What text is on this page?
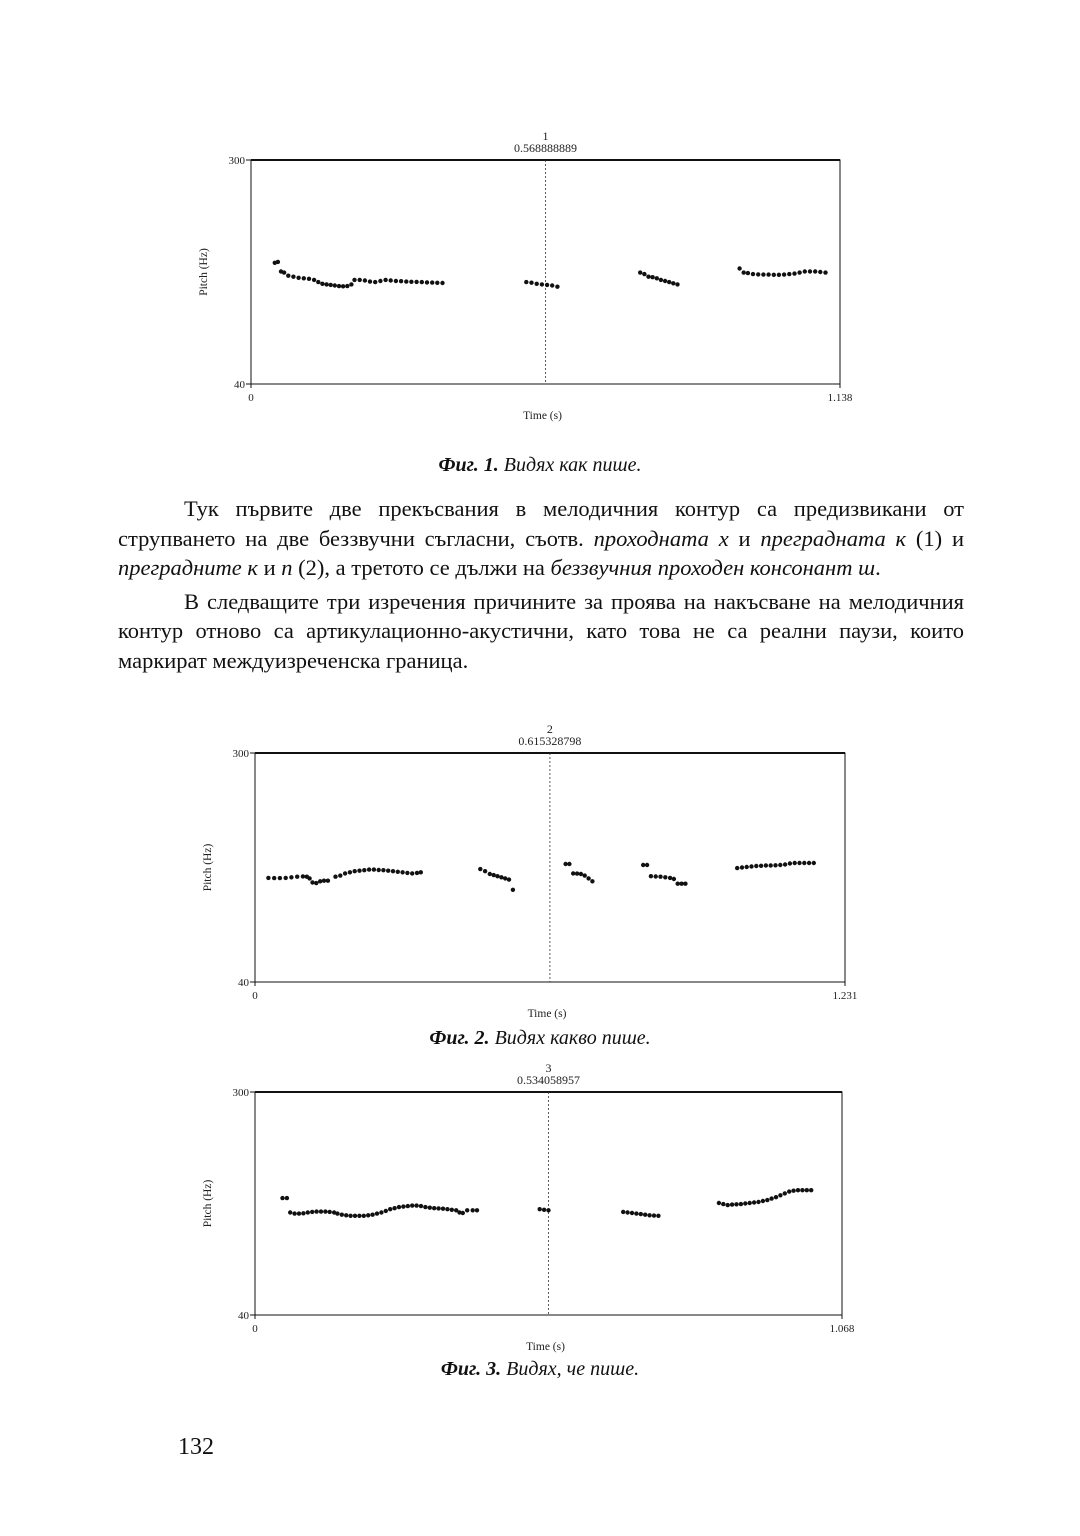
300
40
0	1.138
Time (s)
Pitch (Hz)
1
0.568888889
Фиг. 1. Видях как пише.

Тук първите две прекъсвания в мелодичния контур са предизвикани от струпването на две беззвучни съгласни, съотв. проходната х и преградната к (1) и преградните к и п (2), а третото се дължи на беззвучния проходен консонант ш.

В следващите три изречения причините за проява на накъсване на мелодичния контур отново са артикулационно-акустични, като това не са реални паузи, които маркират междуизреченска граница.

300
40
0	1.231
Time (s)
Pitch (Hz)
2
0.615328798
Фиг. 2. Видях какво пише.
300
40
0	1.068
Time (s)
Pitch (Hz)
3
0.534058957
Фиг. 3. Видях, че пише.
132
